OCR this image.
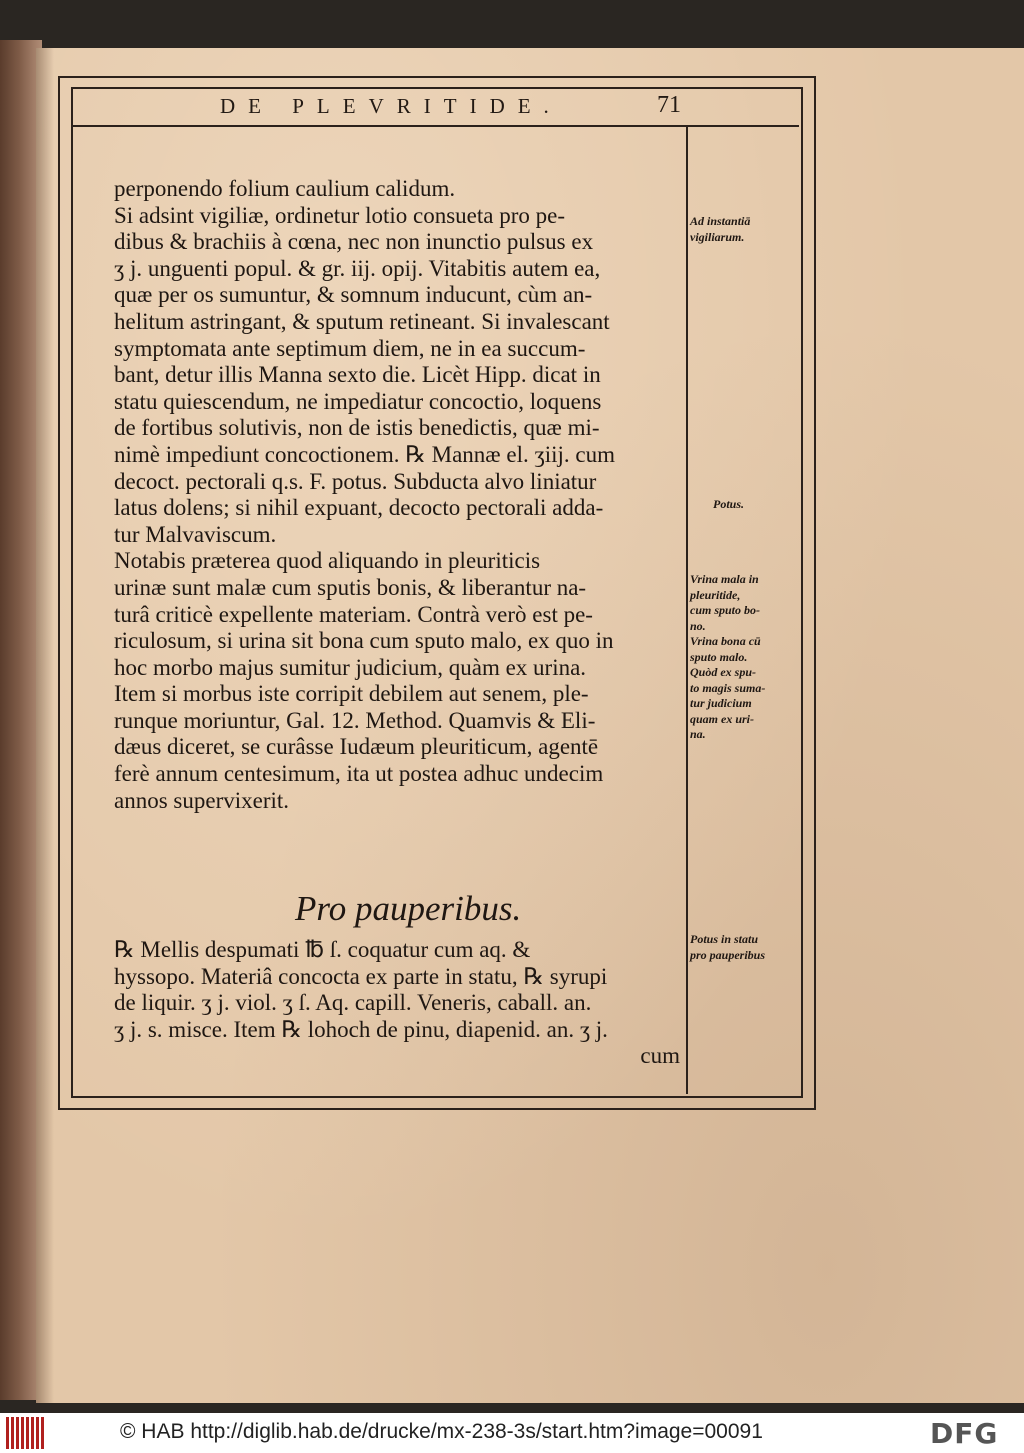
DE PLEVRITIDE.	71
perponendo folium caulium calidum.
Si adsint vigiliæ, ordinetur lotio consueta pro pe-
dibus & brachiis à cœna, nec non inunctio pulsus ex
ʒ j. unguenti popul. & gr. iij. opij. Vitabitis autem ea,
quæ per os sumuntur, & somnum inducunt, cùm an-
helitum astringant, & sputum retineant. Si invalescant
symptomata ante septimum diem, ne in ea succum-
bant, detur illis Manna sexto die. Licèt Hipp. dicat in
statu quiescendum, ne impediatur concoctio, loquens
de fortibus solutivis, non de istis benedictis, quæ mi-
nimè impediunt concoctionem. ℞ Mannæ el. ʒiij. cum
decoct. pectorali q.s. F. potus. Subducta alvo liniatur
latus dolens; si nihil expuant, decocto pectorali adda-
tur Malvaviscum.
Notabis præterea quod aliquando in pleuriticis
urinæ sunt malæ cum sputis bonis, & liberantur na-
turâ criticè expellente materiam. Contrà verò est pe-
riculosum, si urina sit bona cum sputo malo, ex quo in
hoc morbo majus sumitur judicium, quàm ex urina.
Item si morbus iste corripit debilem aut senem, ple-
runque moriuntur, Gal. 12. Method. Quamvis & Eli-
dæus diceret, se curâsse Iudæum pleuriticum, agentē
ferè annum centesimum, ita ut postea adhuc undecim
annos supervixerit.
Pro pauperibus.
℞ Mellis despumati ℔ ſ. coquatur cum aq. &
hyssopo. Materiâ concocta ex parte in statu, ℞ syrupi
de liquir. ʒ j. viol. ʒ ſ. Aq. capill. Veneris, caball. an.
ʒ j. s. misce. Item ℞ lohoch de pinu, diapenid. an. ʒ j.
cum
Ad instantiā
vigiliarum.
Potus.
Vrina mala in
pleuritide,
cum sputo bo-
no.
Vrina bona cū
sputo malo.
Quòd ex spu-
to magis suma-
tur judicium
quam ex uri-
na.
Potus in statu
pro pauperibus
© HAB http://diglib.hab.de/drucke/mx-238-3s/start.htm?image=00091	DFG
